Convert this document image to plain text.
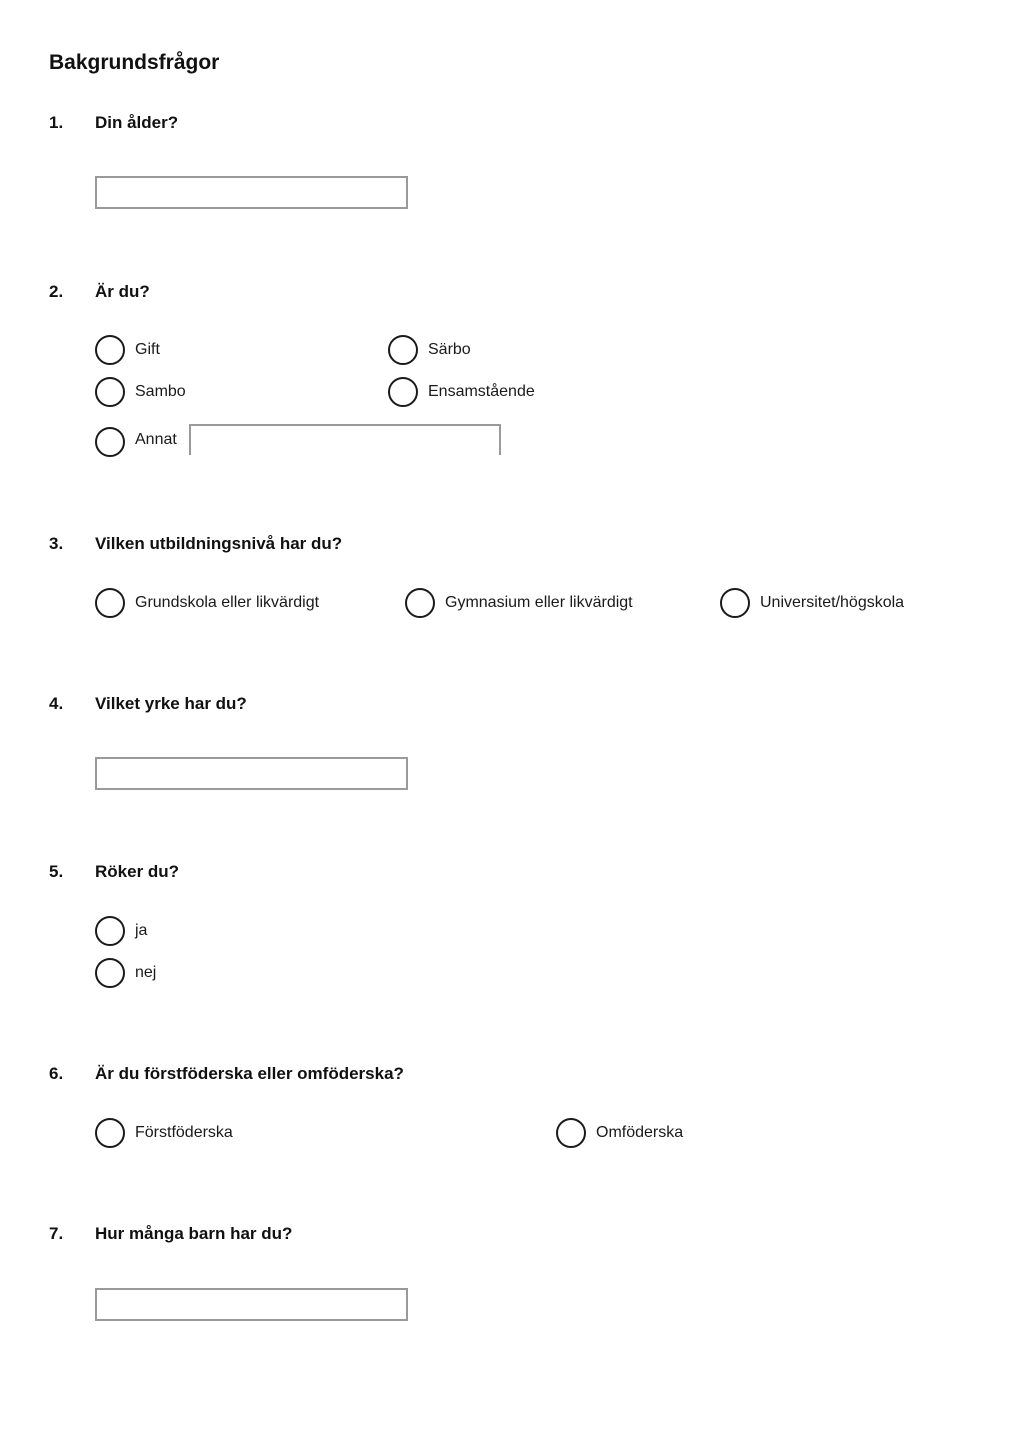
Bakgrundsfrågor
1. Din ålder?
2. Är du?
Gift	Särbo
Sambo	Ensamstående
Annat
3. Vilken utbildningsnivå har du?
Grundskola eller likvärdigt	Gymnasium eller likvärdigt	Universitet/högskola
4. Vilket yrke har du?
5. Röker du?
ja
nej
6. Är du förstföderska eller omföderska?
Förstföderska	Omföderska
7. Hur många barn har du?
